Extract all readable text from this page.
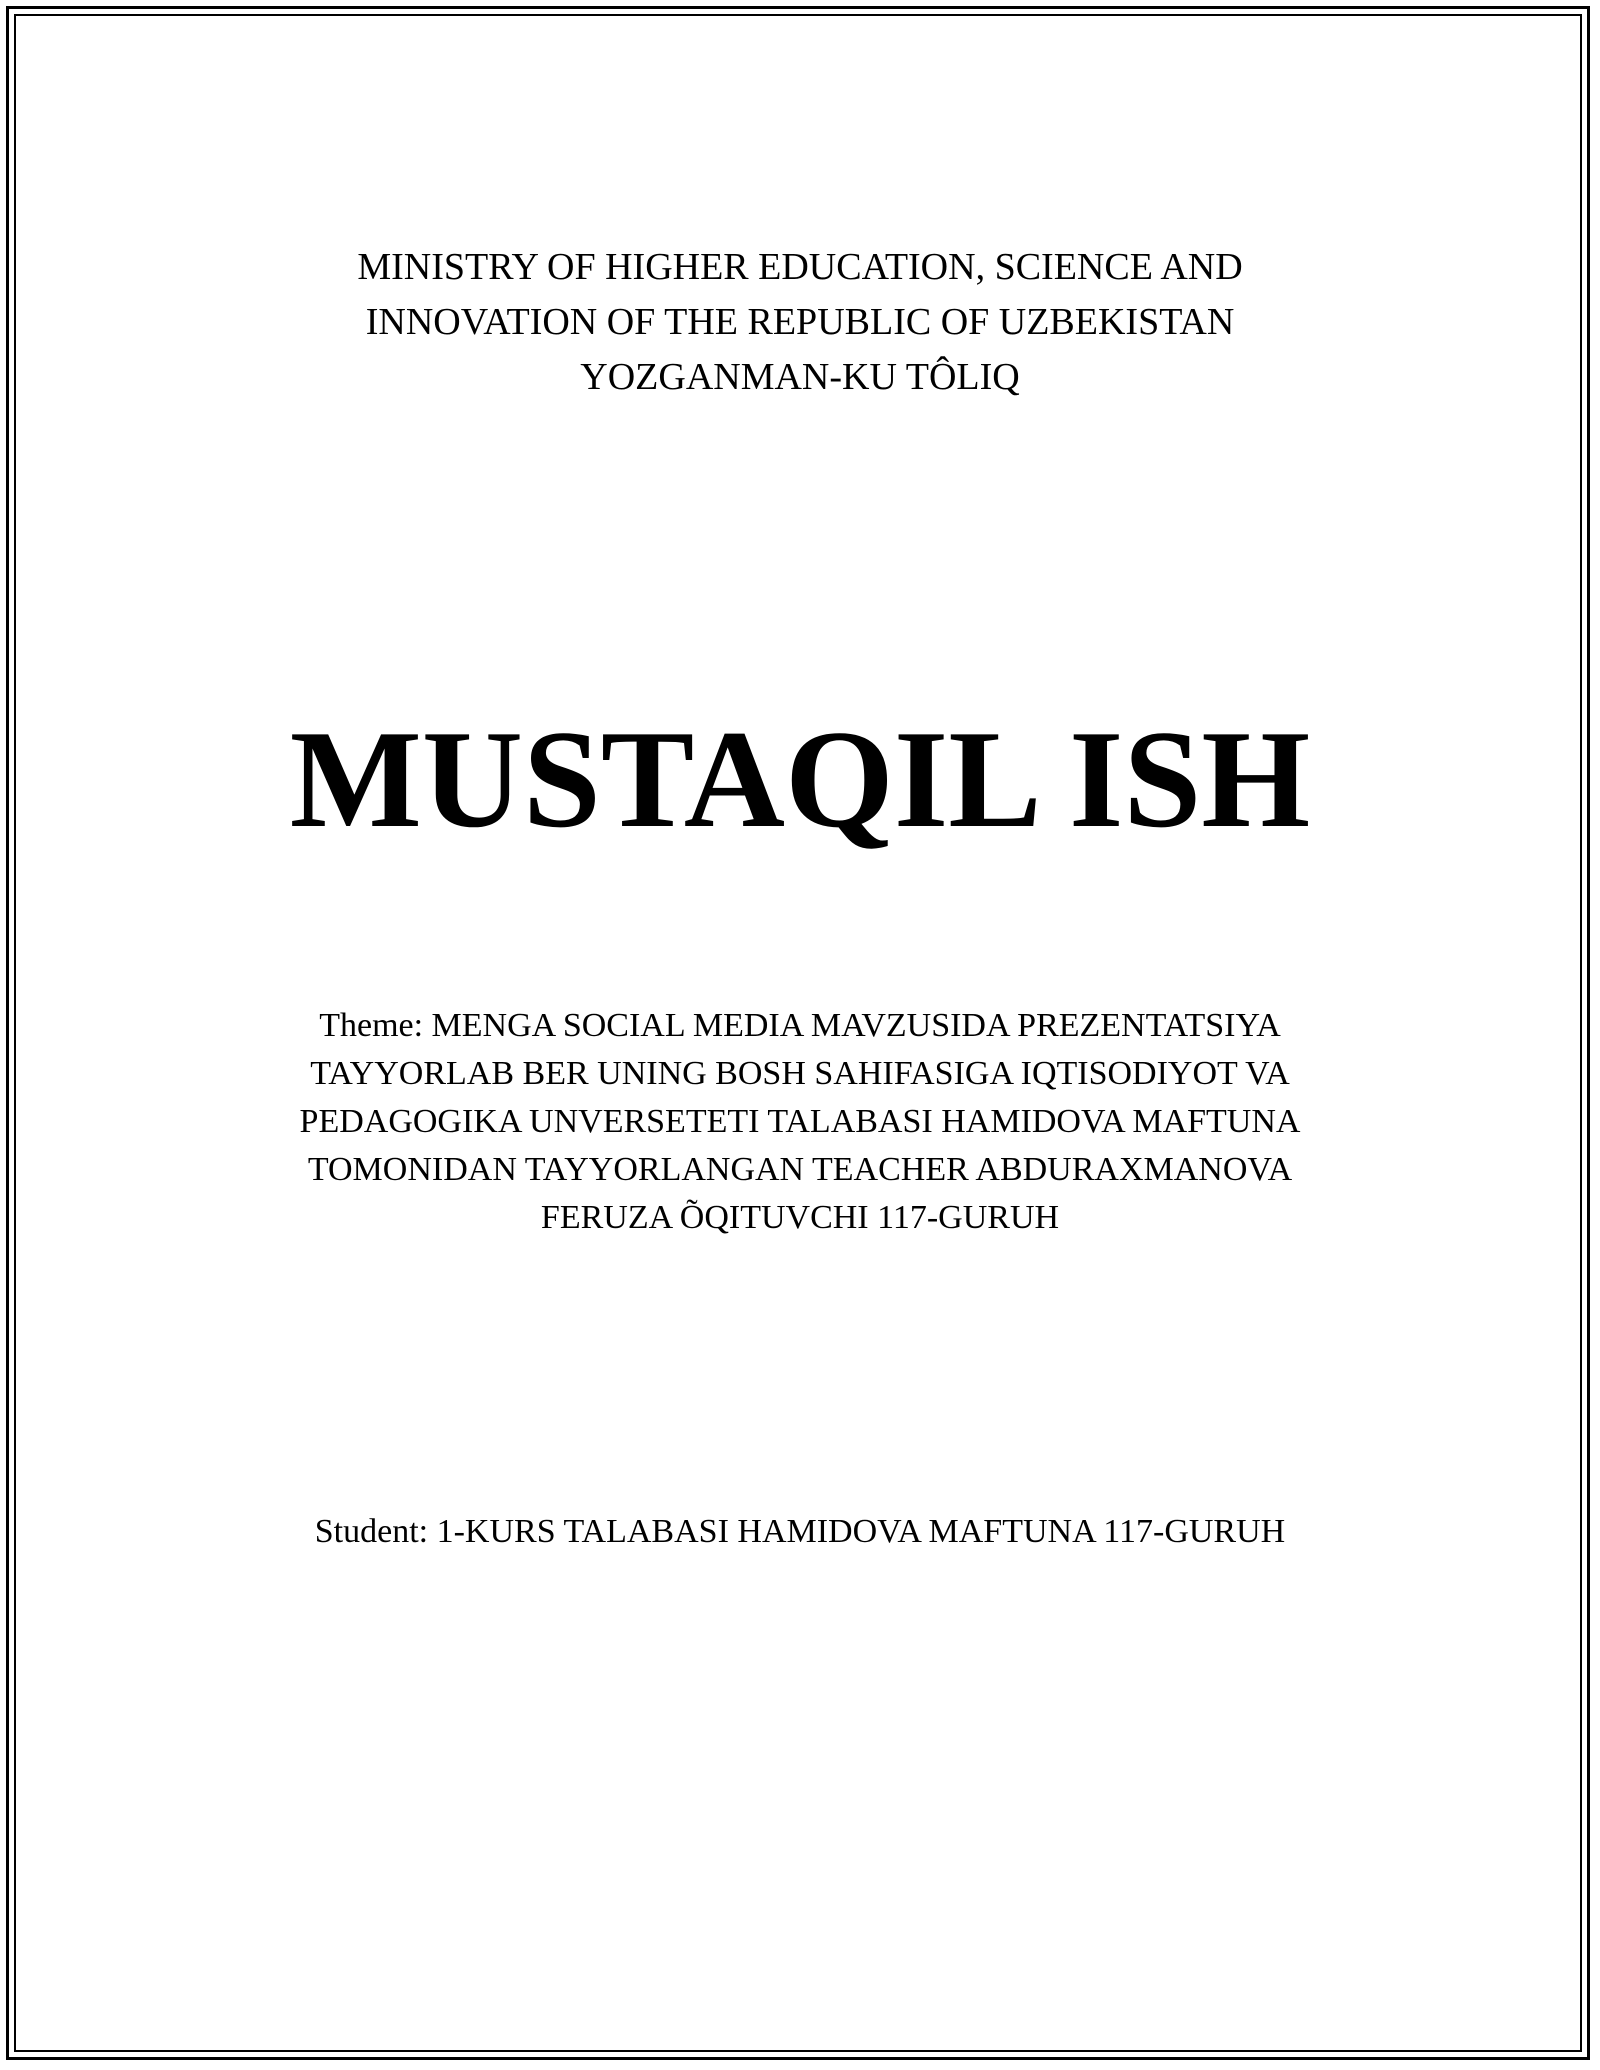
MINISTRY OF HIGHER EDUCATION, SCIENCE AND
INNOVATION OF THE REPUBLIC OF UZBEKISTAN
YOZGANMAN-KU TÔLIQ
MUSTAQIL ISH
Theme: MENGA SOCIAL MEDIA MAVZUSIDA PREZENTATSIYA
TAYYORLAB BER UNING BOSH SAHIFASIGA IQTISODIYOT VA
PEDAGOGIKA UNVERSETETI TALABASI HAMIDOVA MAFTUNA
TOMONIDAN TAYYORLANGAN TEACHER ABDURAXMANOVA
FERUZA ÕQITUVCHI 117-GURUH
Student: 1-KURS TALABASI HAMIDOVA MAFTUNA 117-GURUH
